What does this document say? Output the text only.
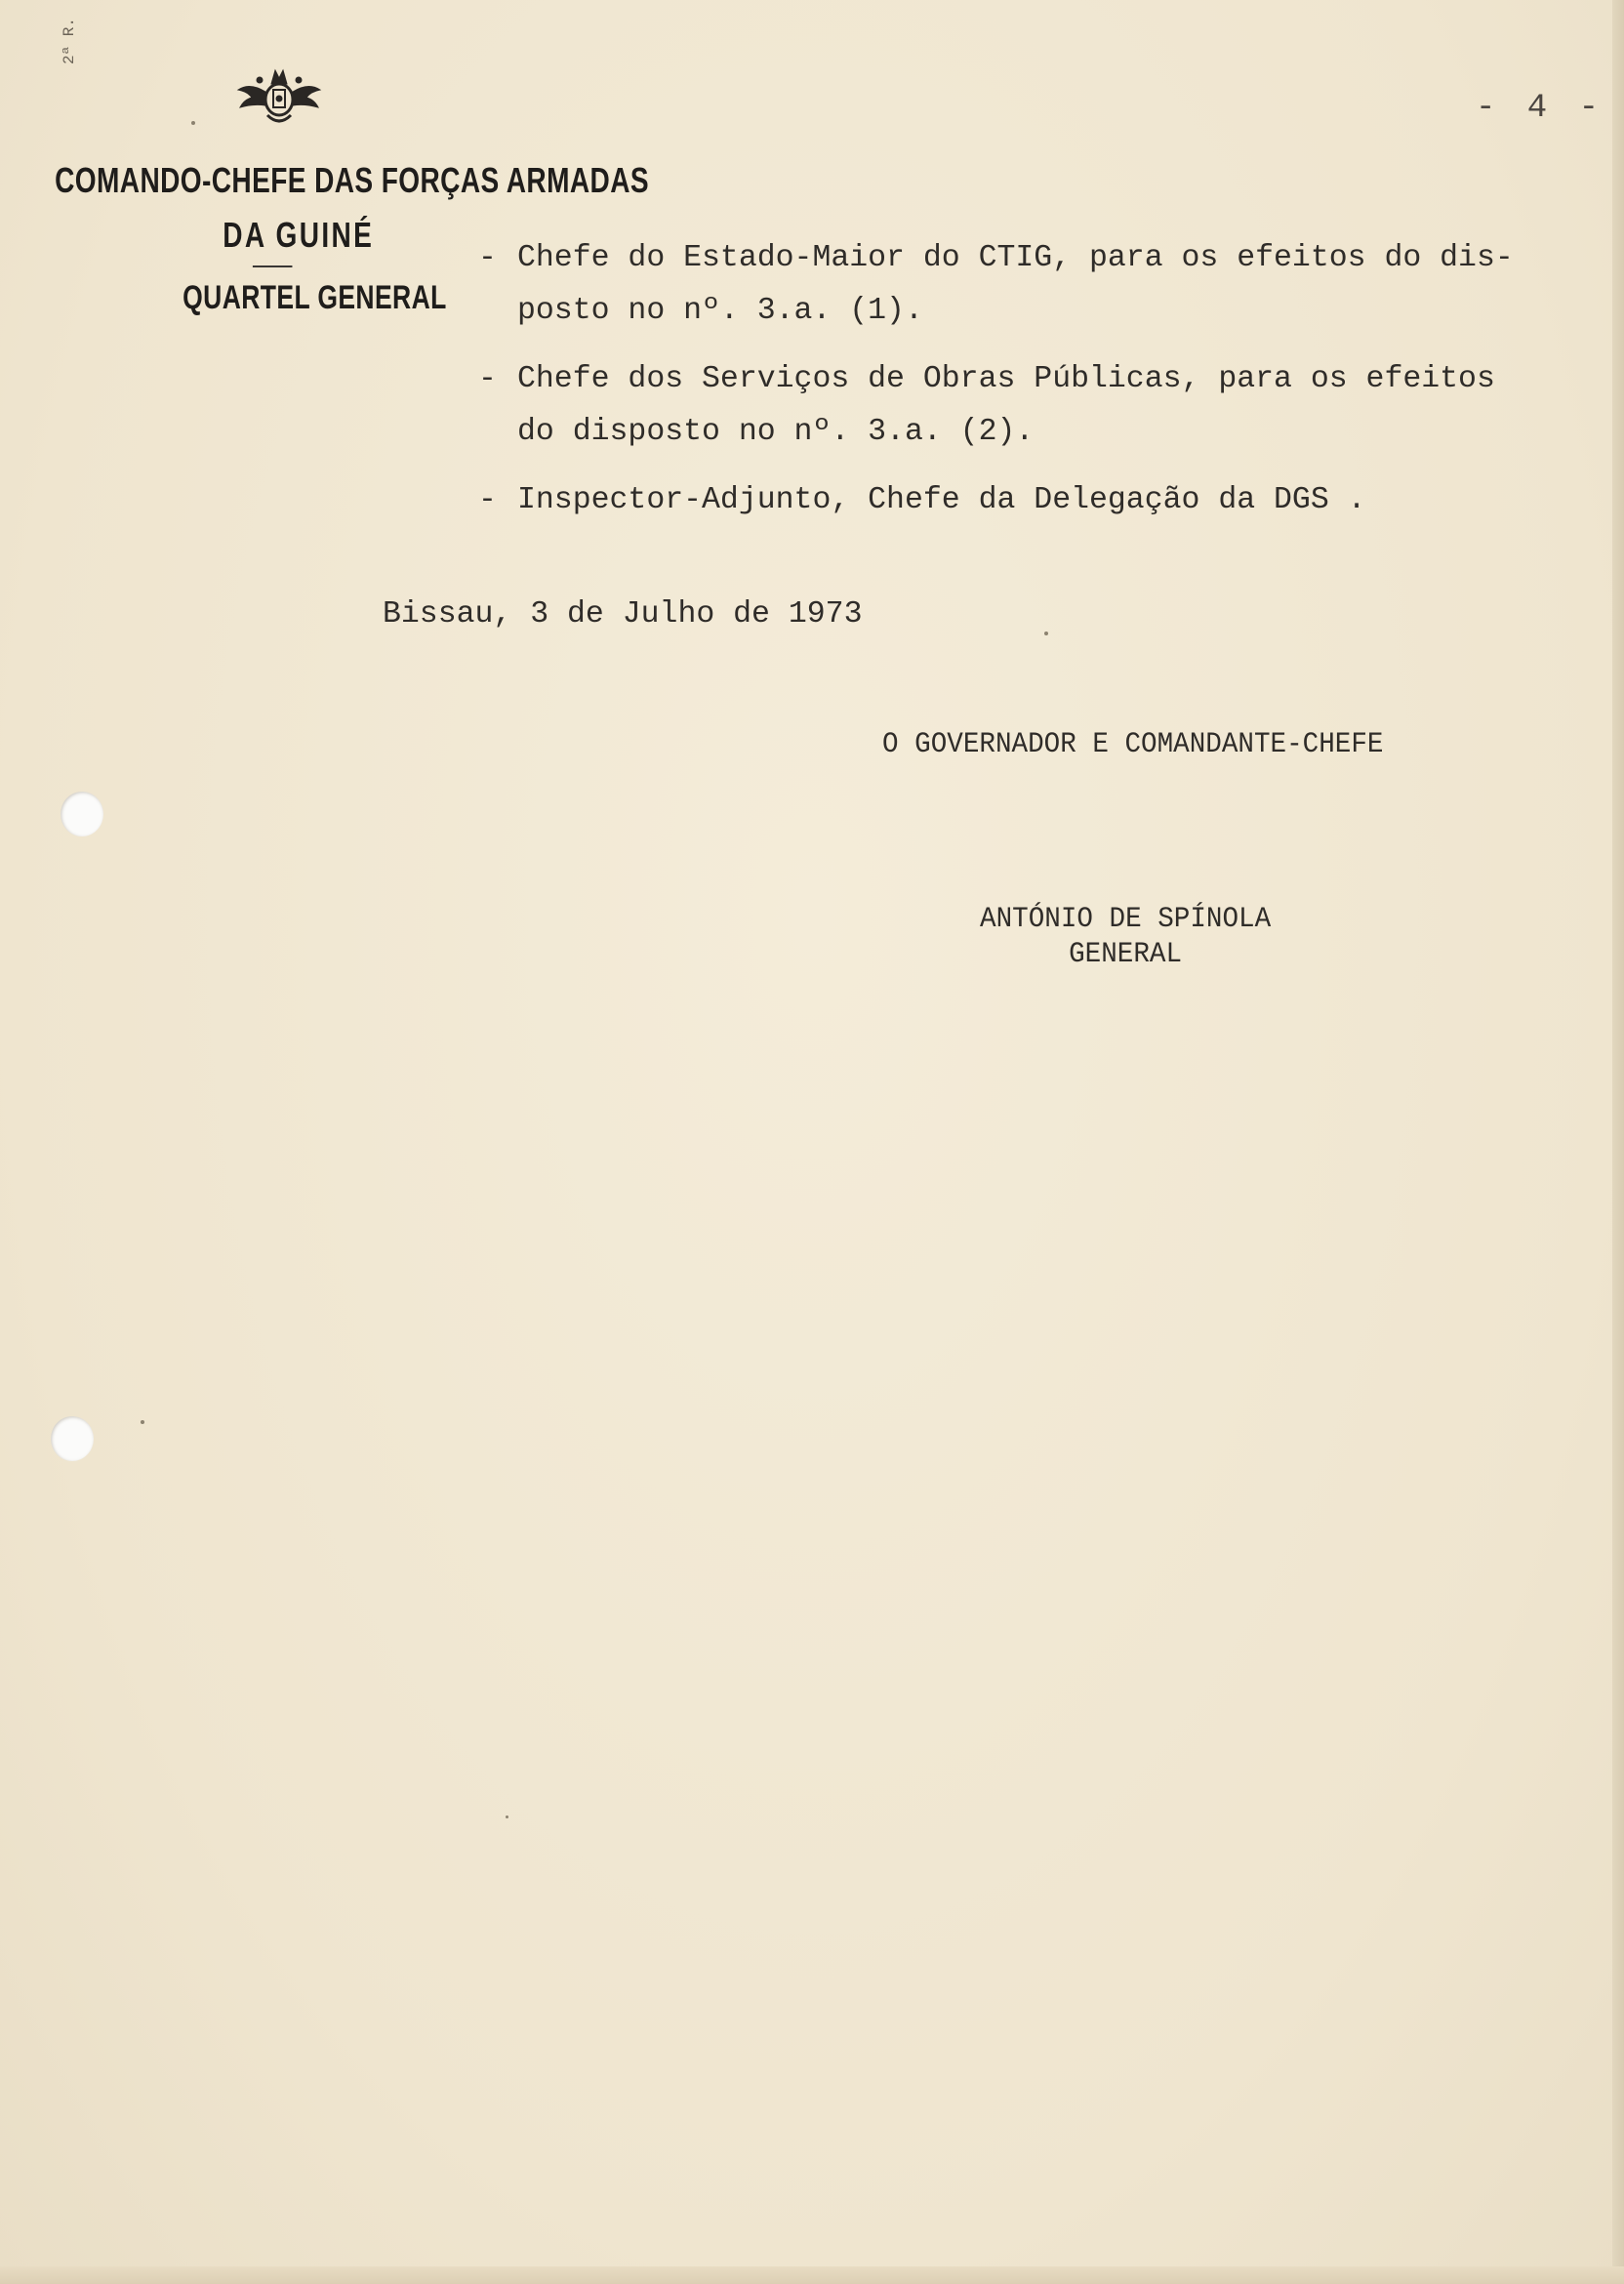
2ª R.
COMANDO-CHEFE DAS FORÇAS ARMADAS
DA GUINÉ
QUARTEL GENERAL
- 4 -
- Chefe do Estado-Maior do CTIG, para os efeitos do dis-
posto no nº. 3.a. (1).
- Chefe dos Serviços de Obras Públicas, para os efeitos
do disposto no nº. 3.a. (2).
- Inspector-Adjunto, Chefe da Delegação da DGS .
Bissau, 3 de Julho de 1973
O GOVERNADOR E COMANDANTE-CHEFE
ANTÓNIO DE SPÍNOLA
GENERAL
